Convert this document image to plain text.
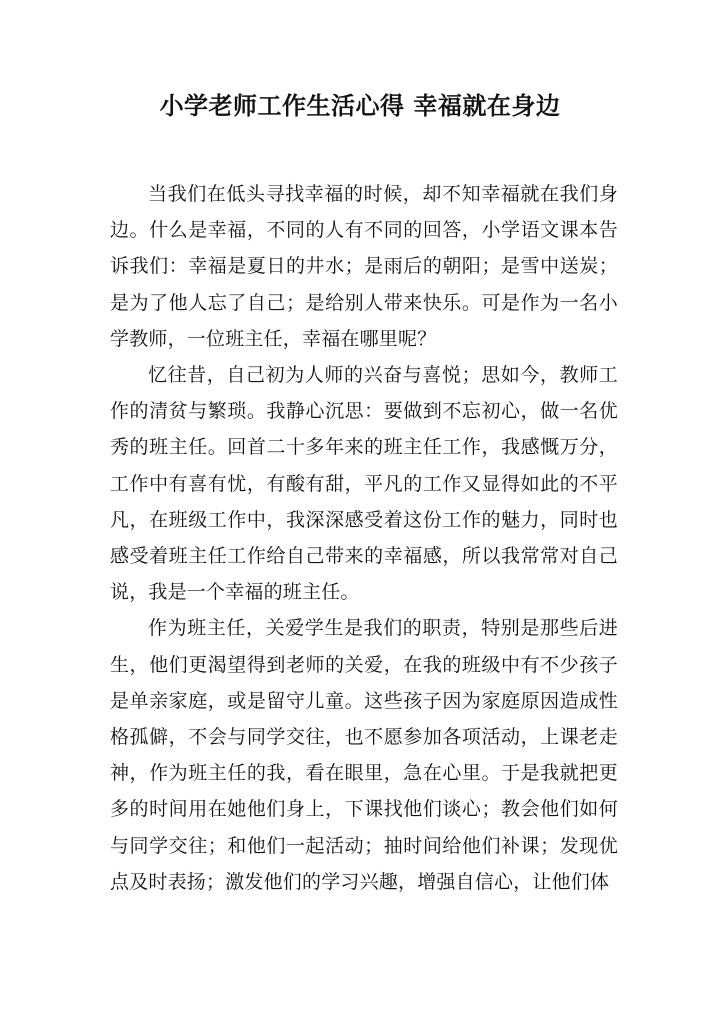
小学老师工作生活心得 幸福就在身边

当我们在低头寻找幸福的时候，却不知幸福就在我们身边。什么是幸福，不同的人有不同的回答，小学语文课本告诉我们：幸福是夏日的井水；是雨后的朝阳；是雪中送炭；是为了他人忘了自己；是给别人带来快乐。可是作为一名小学教师，一位班主任，幸福在哪里呢？

忆往昔，自己初为人师的兴奋与喜悦；思如今，教师工作的清贫与繁琐。我静心沉思：要做到不忘初心，做一名优秀的班主任。回首二十多年来的班主任工作，我感慨万分，工作中有喜有忧，有酸有甜，平凡的工作又显得如此的不平凡，在班级工作中，我深深感受着这份工作的魅力，同时也感受着班主任工作给自己带来的幸福感，所以我常常对自己说，我是一个幸福的班主任。

作为班主任，关爱学生是我们的职责，特别是那些后进生，他们更渴望得到老师的关爱，在我的班级中有不少孩子是单亲家庭，或是留守儿童。这些孩子因为家庭原因造成性格孤僻，不会与同学交往，也不愿参加各项活动，上课老走神，作为班主任的我，看在眼里，急在心里。于是我就把更多的时间用在她他们身上，下课找他们谈心；教会他们如何与同学交往；和他们一起活动；抽时间给他们补课；发现优点及时表扬；激发他们的学习兴趣，增强自信心，让他们体
